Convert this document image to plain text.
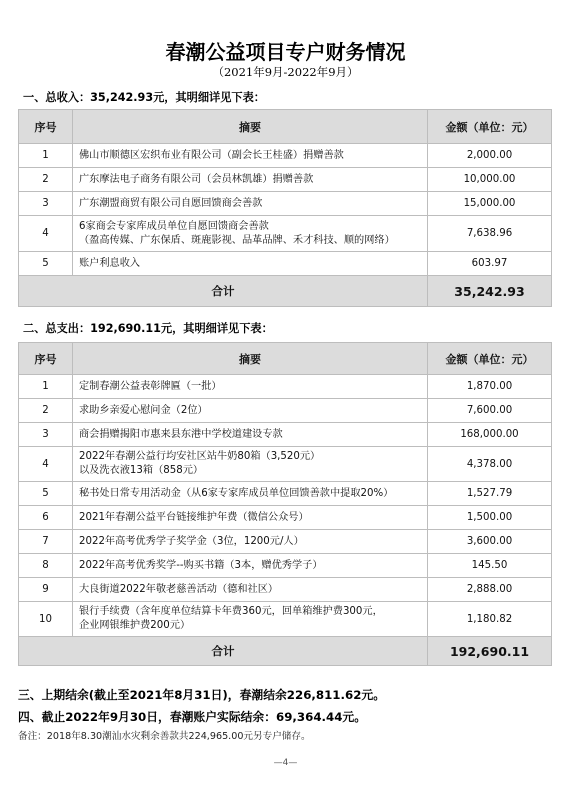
春潮公益项目专户财务情况
（2021年9月-2022年9月）
一、总收入：35,242.93元，其明细详见下表：
序号	摘要	金额（单位：元）
1	佛山市顺德区宏织布业有限公司（副会长王桂盛）捐赠善款	2,000.00
2	广东摩法电子商务有限公司（会员林凯雄）捐赠善款	10,000.00
3	广东潮盟商贸有限公司自愿回馈商会善款	15,000.00
4	6家商会专家库成员单位自愿回馈商会善款
（盈高传媒、广东保盾、斑鹿影视、品革品牌、禾才科技、顺的网络）	7,638.96
5	账户利息收入	603.97
合计		35,242.93
二、总支出：192,690.11元，其明细详见下表：
序号	摘要	金额（单位：元）
1	定制春潮公益表彰牌匾（一批）	1,870.00
2	求助乡亲爱心慰问金（2位）	7,600.00
3	商会捐赠揭阳市惠来县东港中学校道建设专款	168,000.00
4	2022年春潮公益行均安社区站牛奶80箱（3,520元）
以及洗衣液13箱（858元）	4,378.00
5	秘书处日常专用活动金（从6家专家库成员单位回馈善款中提取20%）	1,527.79
6	2021年春潮公益平台链接维护年费（微信公众号）	1,500.00
7	2022年高考优秀学子奖学金（3位，1200元/人）	3,600.00
8	2022年高考优秀奖学--购买书籍（3本，赠优秀学子）	145.50
9	大良街道2022年敬老慈善活动（德和社区）	2,888.00
10	银行手续费（含年度单位结算卡年费360元，回单箱维护费300元，
企业网银维护费200元）	1,180.82
合计		192,690.11
三、上期结余(截止至2021年8月31日)，春潮结余226,811.62元。
四、截止2022年9月30日，春潮账户实际结余：69,364.44元。
备注：2018年8.30潮汕水灾剩余善款共224,965.00元另专户储存。
—4—
